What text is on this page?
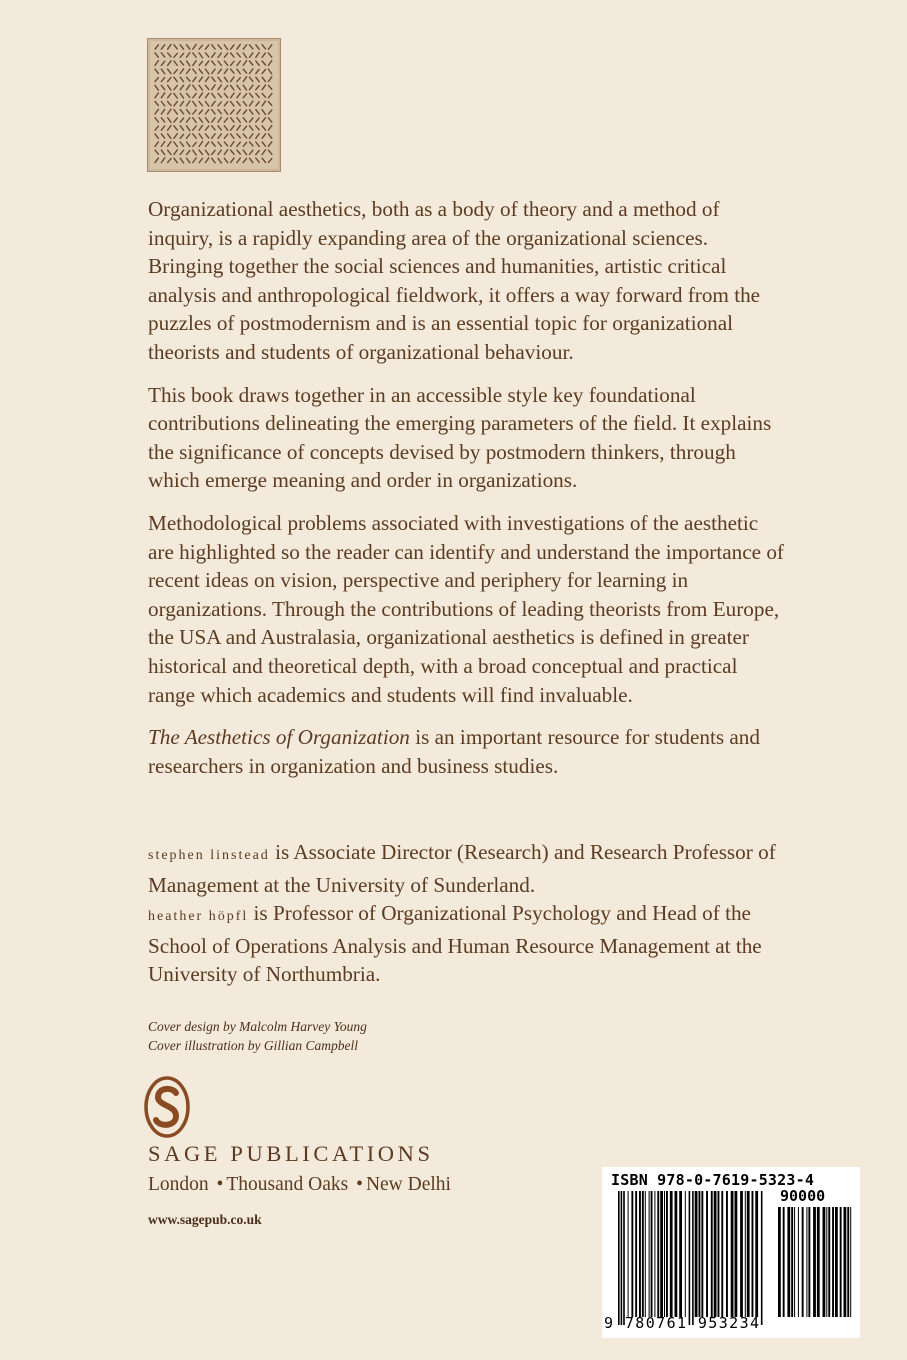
Organizational aesthetics, both as a body of theory and a method of inquiry, is a rapidly expanding area of the organizational sciences. Bringing together the social sciences and humanities, artistic critical analysis and anthropological fieldwork, it offers a way forward from the puzzles of postmodernism and is an essential topic for organizational theorists and students of organizational behaviour.

This book draws together in an accessible style key foundational contributions delineating the emerging parameters of the field. It explains the significance of concepts devised by postmodern thinkers, through which emerge meaning and order in organizations.

Methodological problems associated with investigations of the aesthetic are highlighted so the reader can identify and understand the importance of recent ideas on vision, perspective and periphery for learning in organizations. Through the contributions of leading theorists from Europe, the USA and Australasia, organizational aesthetics is defined in greater historical and theoretical depth, with a broad conceptual and practical range which academics and students will find invaluable.

The Aesthetics of Organization is an important resource for students and researchers in organization and business studies.

stephen linstead is Associate Director (Research) and Research Professor of Management at the University of Sunderland.

heather höpfl is Professor of Organizational Psychology and Head of the School of Operations Analysis and Human Resource Management at the University of Northumbria.

Cover design by Malcolm Harvey Young

Cover illustration by Gillian Campbell

SAGE PUBLICATIONS
London • Thousand Oaks • New Delhi
www.sagepub.co.uk
ISBN 978-0-7619-5323-4
90000
9 780761 953234
